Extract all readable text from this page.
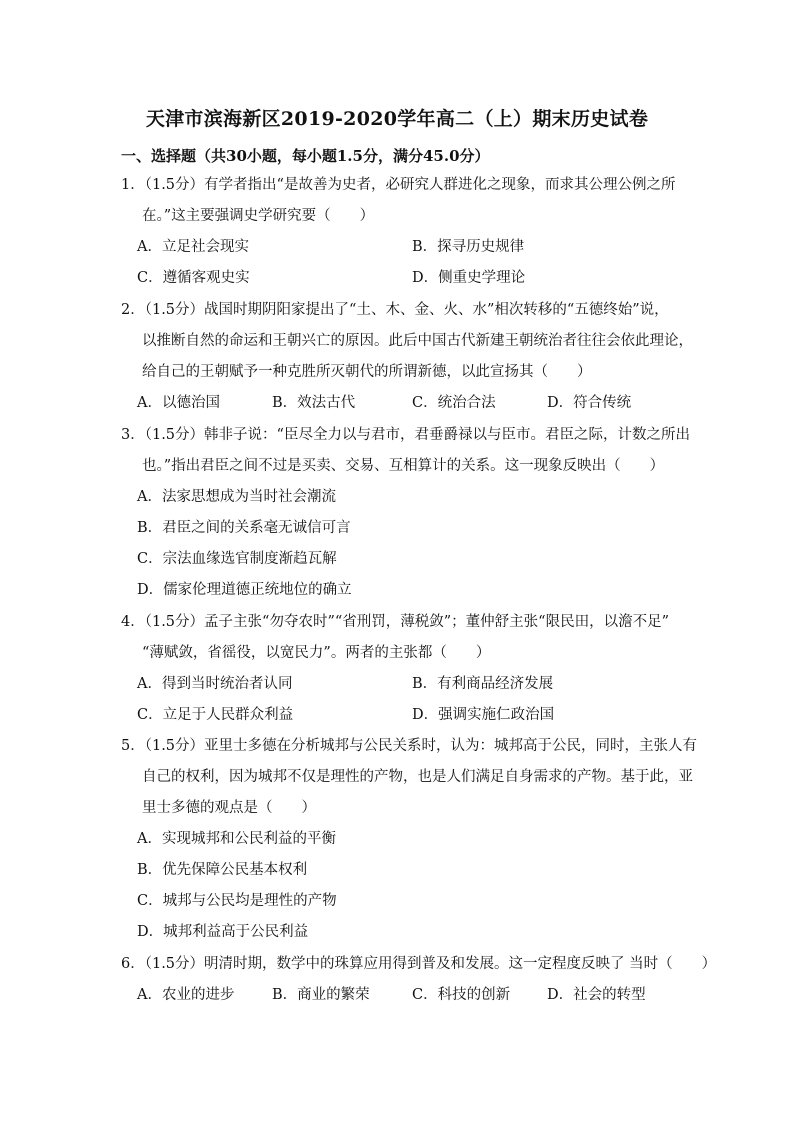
天津市滨海新区2019-2020学年高二（上）期末历史试卷
一、选择题（共30小题，每小题1.5分，满分45.0分）
1．（1.5分）有学者指出“是故善为史者，必研究人群进化之现象，而求其公理公例之所
在。”这主要强调史学研究要（　　）
A．立足社会现实	B．探寻历史规律
C．遵循客观史实	D．侧重史学理论
2．（1.5分）战国时期阴阳家提出了“土、木、金、火、水”相次转移的“五德终始”说，
以推断自然的命运和王朝兴亡的原因。此后中国古代新建王朝统治者往往会依此理论，
给自己的王朝赋予一种克胜所灭朝代的所谓新德，以此宣扬其（　　）
A．以德治国	B．效法古代	C．统治合法	D．符合传统
3．（1.5分）韩非子说：“臣尽全力以与君市，君垂爵禄以与臣市。君臣之际，计数之所出
也。”指出君臣之间不过是买卖、交易、互相算计的关系。这一现象反映出（　　）
A．法家思想成为当时社会潮流
B．君臣之间的关系毫无诚信可言
C．宗法血缘选官制度渐趋瓦解
D．儒家伦理道德正统地位的确立
4．（1.5分）孟子主张“勿夺农时”“省刑罚，薄税敛”；董仲舒主张“限民田，以澹不足”
“薄赋敛，省徭役，以宽民力”。两者的主张都（　　）
A．得到当时统治者认同	B．有利商品经济发展
C．立足于人民群众利益	D．强调实施仁政治国
5．（1.5分）亚里士多德在分析城邦与公民关系时，认为：城邦高于公民，同时，主张人有
自己的权利，因为城邦不仅是理性的产物，也是人们满足自身需求的产物。基于此，亚
里士多德的观点是（　　）
A．实现城邦和公民利益的平衡
B．优先保障公民基本权利
C．城邦与公民均是理性的产物
D．城邦利益高于公民利益
6．（1.5分）明清时期，数学中的珠算应用得到普及和发展。这一定程度反映了 当时（　　）
A．农业的进步	B．商业的繁荣	C．科技的创新	D．社会的转型
